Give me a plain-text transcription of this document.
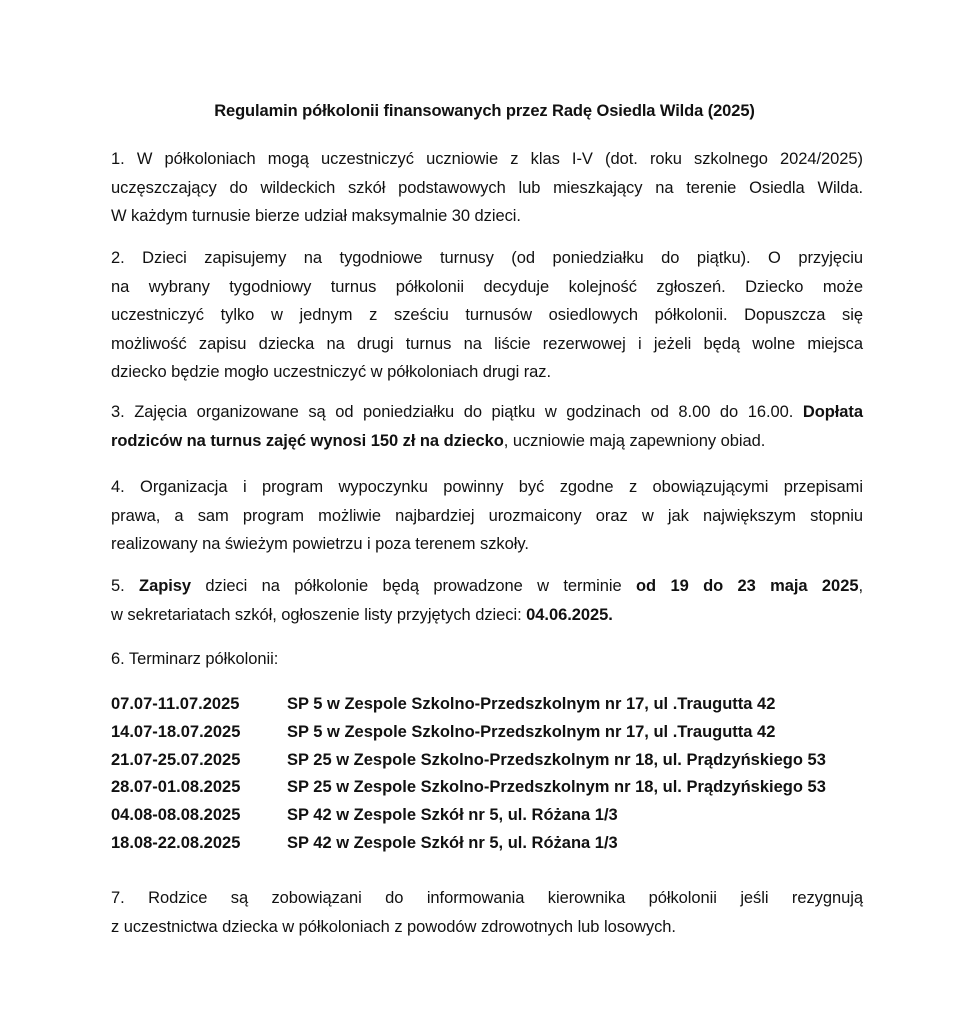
Regulamin półkolonii finansowanych przez Radę Osiedla Wilda (2025)
1. W półkoloniach mogą uczestniczyć uczniowie z klas I-V (dot. roku szkolnego 2024/2025)
uczęszczający do wildeckich szkół podstawowych lub mieszkający na terenie Osiedla Wilda.
W każdym turnusie bierze udział maksymalnie 30 dzieci.
2. Dzieci zapisujemy na tygodniowe turnusy (od poniedziałku do piątku). O przyjęciu
na wybrany tygodniowy turnus półkolonii decyduje kolejność zgłoszeń. Dziecko może
uczestniczyć tylko w jednym z sześciu turnusów osiedlowych półkolonii. Dopuszcza się
możliwość zapisu dziecka na drugi turnus na liście rezerwowej i jeżeli będą wolne miejsca
dziecko będzie mogło uczestniczyć w półkoloniach drugi raz.
3. Zajęcia organizowane są od poniedziałku do piątku w godzinach od 8.00 do 16.00. Dopłata
rodziców na turnus zajęć wynosi 150 zł na dziecko, uczniowie mają zapewniony obiad.
4. Organizacja i program wypoczynku powinny być zgodne z obowiązującymi przepisami
prawa, a sam program możliwie najbardziej urozmaicony oraz w jak największym stopniu
realizowany na świeżym powietrzu i poza terenem szkoły.
5. Zapisy dzieci na półkolonie będą prowadzone w terminie od 19 do 23 maja 2025,
w sekretariatach szkół, ogłoszenie listy przyjętych dzieci: 04.06.2025.
6. Terminarz półkolonii:
07.07-11.07.2025	SP 5 w Zespole Szkolno-Przedszkolnym nr 17, ul .Traugutta 42
14.07-18.07.2025	SP 5 w Zespole Szkolno-Przedszkolnym nr 17, ul .Traugutta 42
21.07-25.07.2025	SP 25 w Zespole Szkolno-Przedszkolnym nr 18, ul. Prądzyńskiego 53
28.07-01.08.2025	SP 25 w Zespole Szkolno-Przedszkolnym nr 18, ul. Prądzyńskiego 53
04.08-08.08.2025	SP 42 w Zespole Szkół nr 5, ul. Różana 1/3
18.08-22.08.2025	SP 42 w Zespole Szkół nr 5, ul. Różana 1/3
7. Rodzice są zobowiązani do informowania kierownika półkolonii jeśli rezygnują
z uczestnictwa dziecka w półkoloniach z powodów zdrowotnych lub losowych.
